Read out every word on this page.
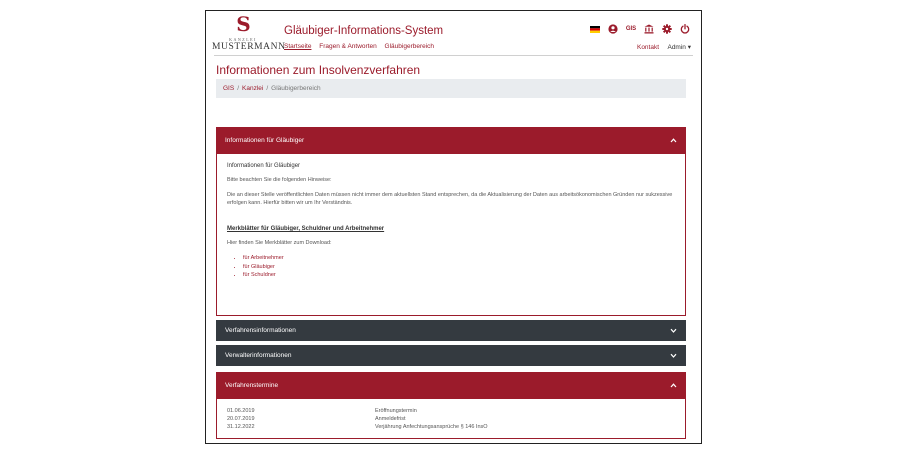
S
KANZLEI
MUSTERMANN
Gläubiger-Informations-System
Startseite Fragen & Antworten Gläubigerbereich
GIS
Kontakt Admin ▾
Informationen zum Insolvenzverfahren
GIS / Kanzlei / Gläubigerbereich
Informationen für Gläubiger
Informationen für Gläubiger
Bitte beachten Sie die folgenden Hinweise:
Die an dieser Stelle veröffentlichten Daten müssen nicht immer dem aktuellsten Stand entsprechen, da die Aktualisierung der Daten aus arbeitsökonomischen Gründen nur sukzessive erfolgen kann. Hierfür bitten wir um Ihr Verständnis.
Merkblätter für Gläubiger, Schuldner und Arbeitnehmer
Hier finden Sie Merkblätter zum Download:
• für Arbeitnehmer
• für Gläubiger
• für Schuldner
Verfahrensinformationen
Verwalterinformationen
Verfahrenstermine
01.06.2019	Eröffnungstermin
20.07.2019	Anmeldefrist
31.12.2022	Verjährung Anfechtungsansprüche § 146 InsO
